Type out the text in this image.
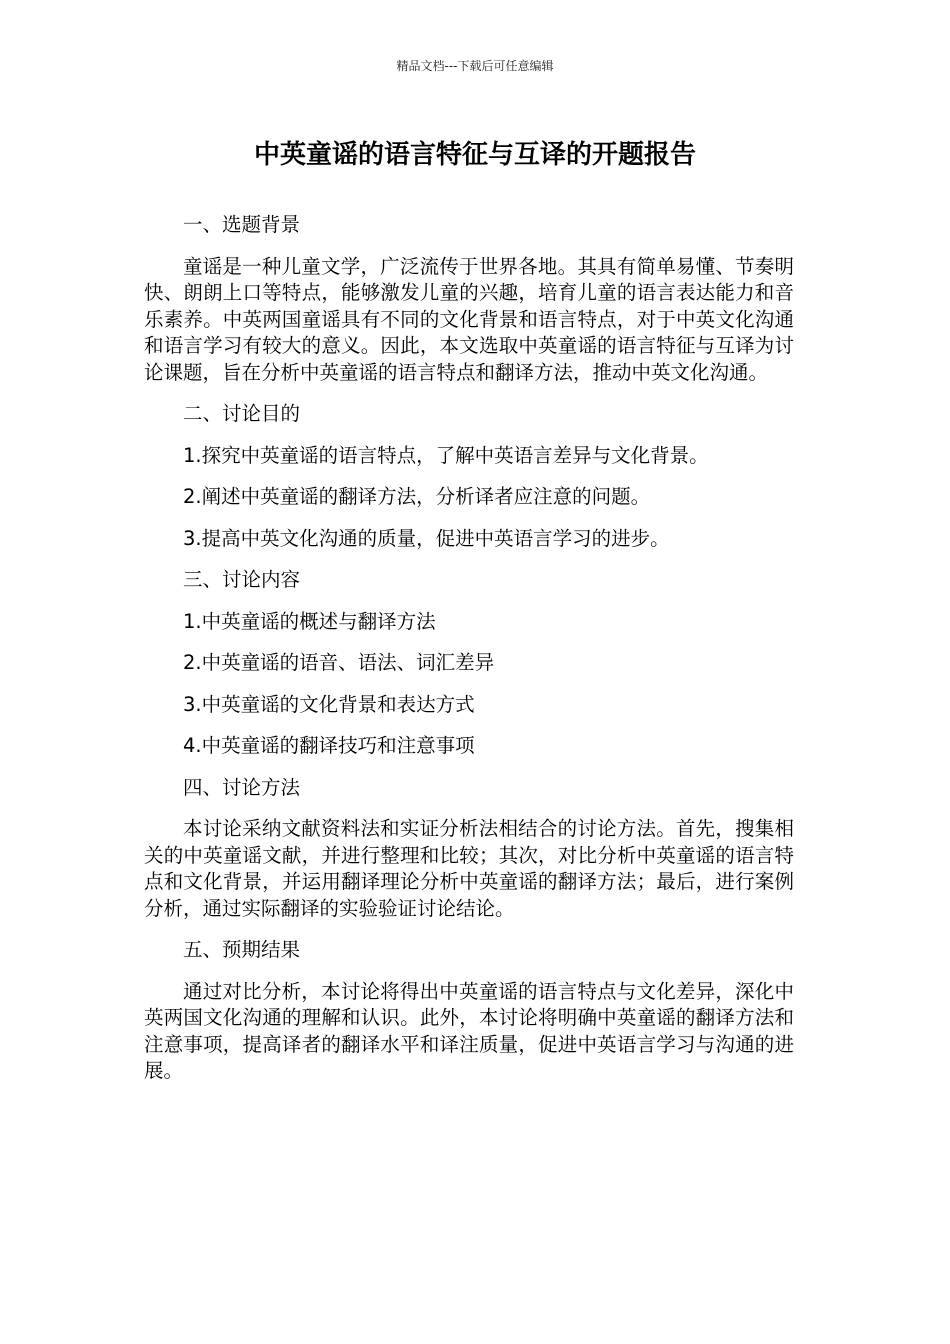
精品文档---下载后可任意编辑
中英童谣的语言特征与互译的开题报告

一、选题背景

童谣是一种儿童文学，广泛流传于世界各地。其具有简单易懂、节奏明快、朗朗上口等特点，能够激发儿童的兴趣，培育儿童的语言表达能力和音乐素养。中英两国童谣具有不同的文化背景和语言特点，对于中英文化沟通和语言学习有较大的意义。因此，本文选取中英童谣的语言特征与互译为讨论课题，旨在分析中英童谣的语言特点和翻译方法，推动中英文化沟通。

二、讨论目的

1.探究中英童谣的语言特点，了解中英语言差异与文化背景。

2.阐述中英童谣的翻译方法，分析译者应注意的问题。

3.提高中英文化沟通的质量，促进中英语言学习的进步。

三、讨论内容

1.中英童谣的概述与翻译方法

2.中英童谣的语音、语法、词汇差异

3.中英童谣的文化背景和表达方式

4.中英童谣的翻译技巧和注意事项

四、讨论方法

本讨论采纳文献资料法和实证分析法相结合的讨论方法。首先，搜集相关的中英童谣文献，并进行整理和比较；其次，对比分析中英童谣的语言特点和文化背景，并运用翻译理论分析中英童谣的翻译方法；最后，进行案例分析，通过实际翻译的实验验证讨论结论。

五、预期结果

通过对比分析，本讨论将得出中英童谣的语言特点与文化差异，深化中英两国文化沟通的理解和认识。此外，本讨论将明确中英童谣的翻译方法和注意事项，提高译者的翻译水平和译注质量，促进中英语言学习与沟通的进展。
